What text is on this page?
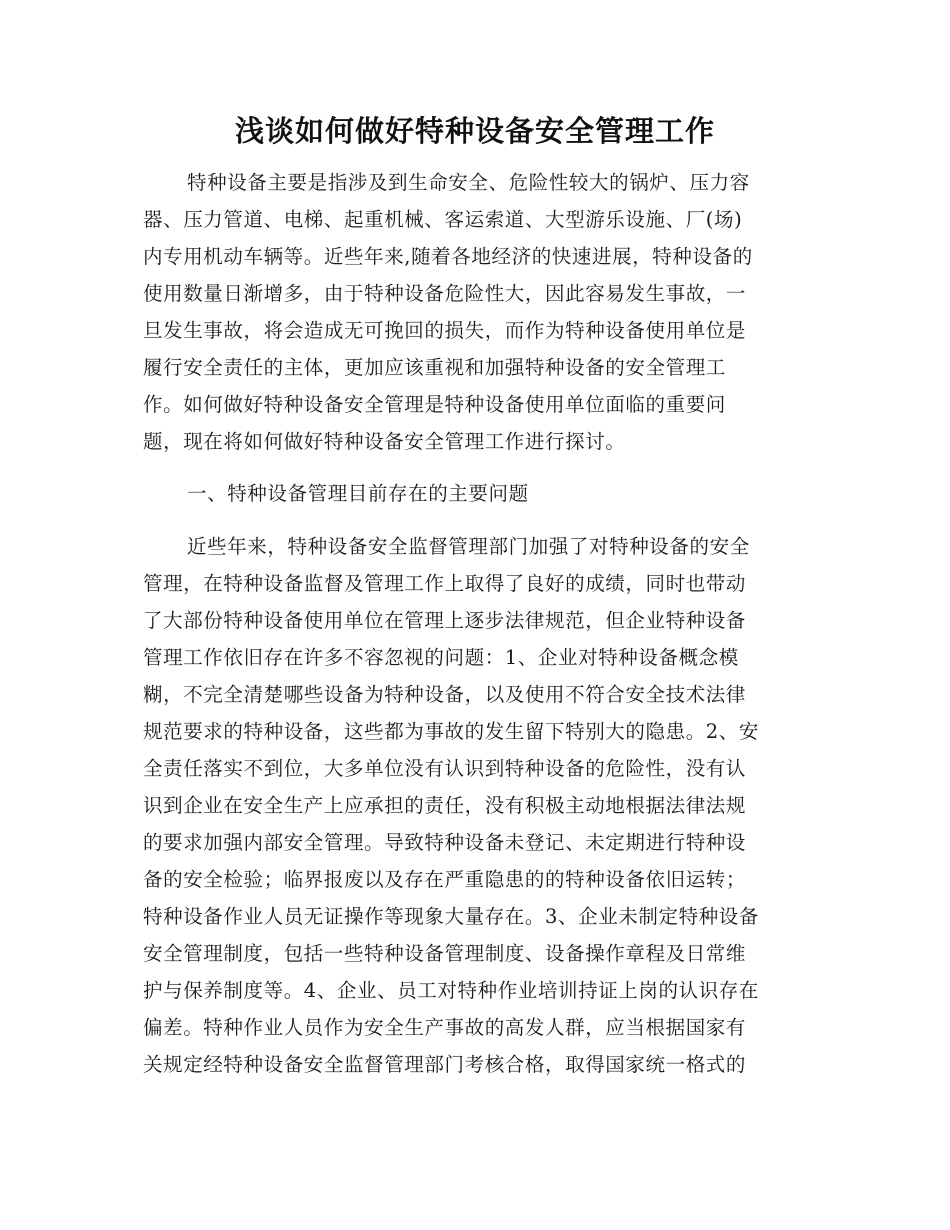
浅谈如何做好特种设备安全管理工作
特种设备主要是指涉及到生命安全、危险性较大的锅炉、压力容
器、压力管道、电梯、起重机械、客运索道、大型游乐设施、厂(场)
内专用机动车辆等。近些年来,随着各地经济的快速进展，特种设备的
使用数量日渐增多，由于特种设备危险性大，因此容易发生事故，一
旦发生事故，将会造成无可挽回的损失，而作为特种设备使用单位是
履行安全责任的主体，更加应该重视和加强特种设备的安全管理工
作。如何做好特种设备安全管理是特种设备使用单位面临的重要问
题，现在将如何做好特种设备安全管理工作进行探讨。
一、特种设备管理目前存在的主要问题
近些年来，特种设备安全监督管理部门加强了对特种设备的安全
管理，在特种设备监督及管理工作上取得了良好的成绩，同时也带动
了大部份特种设备使用单位在管理上逐步法律规范，但企业特种设备
管理工作依旧存在许多不容忽视的问题：1、企业对特种设备概念模
糊，不完全清楚哪些设备为特种设备，以及使用不符合安全技术法律
规范要求的特种设备，这些都为事故的发生留下特别大的隐患。2、安
全责任落实不到位，大多单位没有认识到特种设备的危险性，没有认
识到企业在安全生产上应承担的责任，没有积极主动地根据法律法规
的要求加强内部安全管理。导致特种设备未登记、未定期进行特种设
备的安全检验；临界报废以及存在严重隐患的的特种设备依旧运转；
特种设备作业人员无证操作等现象大量存在。3、企业未制定特种设备
安全管理制度，包括一些特种设备管理制度、设备操作章程及日常维
护与保养制度等。4、企业、员工对特种作业培训持证上岗的认识存在
偏差。特种作业人员作为安全生产事故的高发人群，应当根据国家有
关规定经特种设备安全监督管理部门考核合格，取得国家统一格式的
